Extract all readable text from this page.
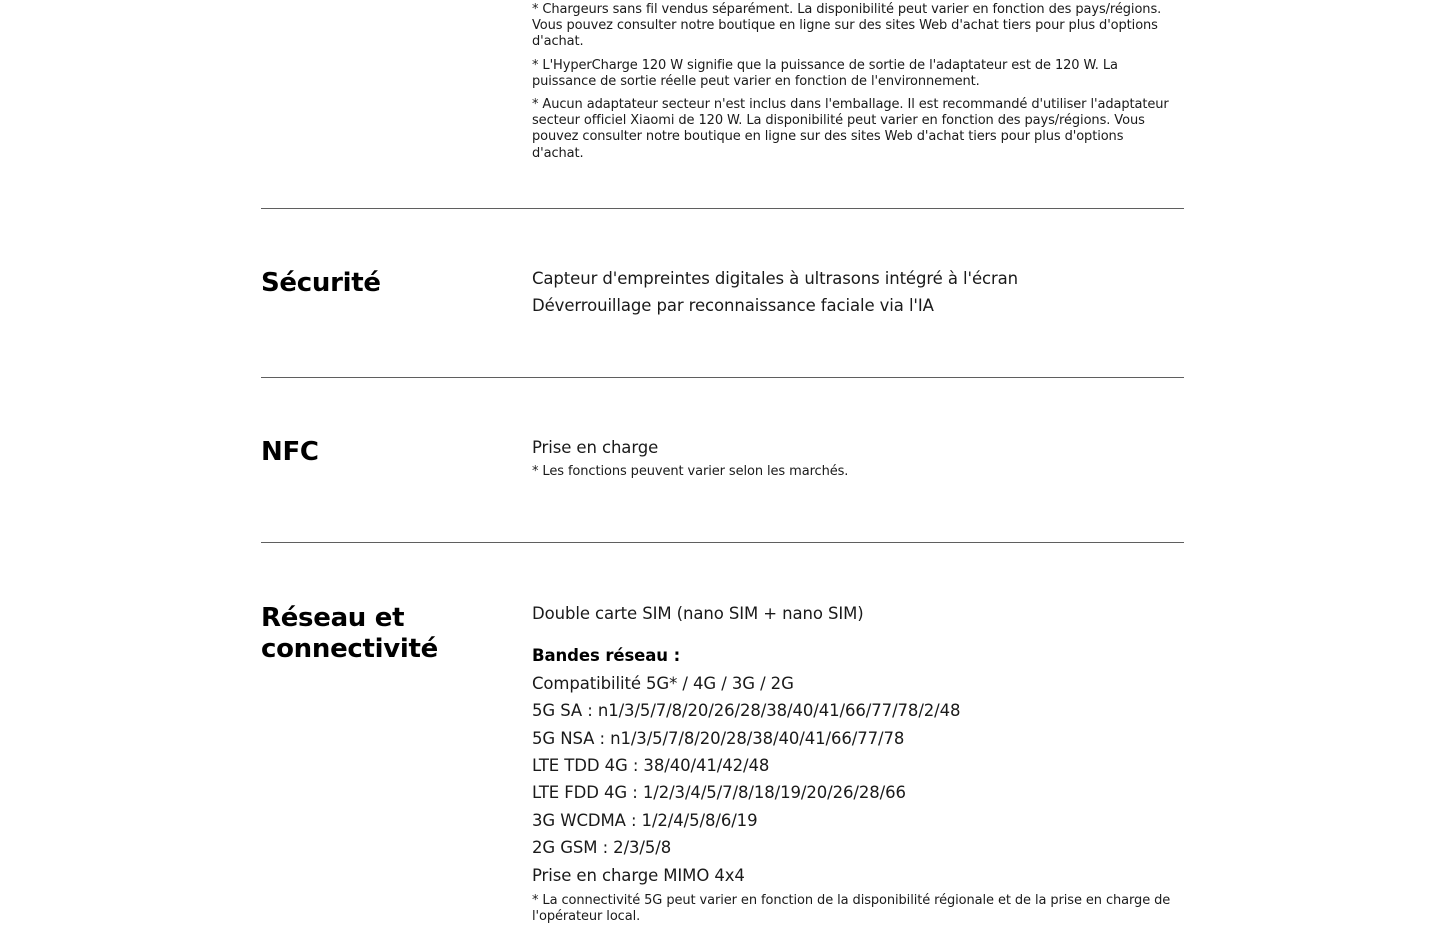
* Chargeurs sans fil vendus séparément. La disponibilité peut varier en fonction des pays/régions. Vous pouvez consulter notre boutique en ligne sur des sites Web d'achat tiers pour plus d'options d'achat.

* L'HyperCharge 120 W signifie que la puissance de sortie de l'adaptateur est de 120 W. La puissance de sortie réelle peut varier en fonction de l'environnement.

* Aucun adaptateur secteur n'est inclus dans l'emballage. Il est recommandé d'utiliser l'adaptateur secteur officiel Xiaomi de 120 W. La disponibilité peut varier en fonction des pays/régions. Vous pouvez consulter notre boutique en ligne sur des sites Web d'achat tiers pour plus d'options d'achat.

Sécurité	Capteur d'empreintes digitales à ultrasons intégré à l'écran

Déverrouillage par reconnaissance faciale via l'IA

NFC	Prise en charge

* Les fonctions peuvent varier selon les marchés.

Réseau et
connectivité

Double carte SIM (nano SIM + nano SIM)

Bandes réseau :

Compatibilité 5G* / 4G / 3G / 2G

5G SA : n1/3/5/7/8/20/26/28/38/40/41/66/77/78/2/48

5G NSA : n1/3/5/7/8/20/28/38/40/41/66/77/78

LTE TDD 4G : 38/40/41/42/48

LTE FDD 4G : 1/2/3/4/5/7/8/18/19/20/26/28/66

3G WCDMA : 1/2/4/5/8/6/19

2G GSM : 2/3/5/8

Prise en charge MIMO 4x4

* La connectivité 5G peut varier en fonction de la disponibilité régionale et de la prise en charge de l'opérateur local.
